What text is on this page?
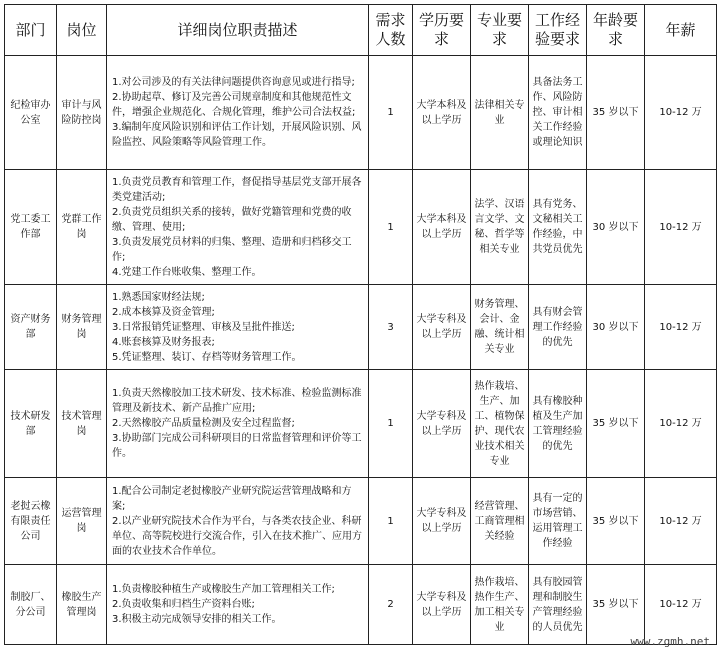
部门	岗位	详细岗位职责描述	需求人数	学历要求	专业要求	工作经验要求	年龄要求	年薪
纪检审办公室	审计与风险防控岗	1.对公司涉及的有关法律问题提供咨询意见或进行指导;
2.协助起草、修订及完善公司规章制度和其他规范性文件，增强企业规范化、合规化管理，维护公司合法权益;
3.编制年度风险识别和评估工作计划，开展风险识别、风险监控、风险策略等风险管理工作。	1	大学本科及以上学历	法律相关专业	具备法务工作、风险防控、审计相关工作经验或理论知识	35 岁以下	10-12 万
党工委工作部	党群工作岗	1.负责党员教育和管理工作，督促指导基层党支部开展各类党建活动;
2.负责党员组织关系的接转，做好党籍管理和党费的收缴、管理、使用;
3.负责发展党员材料的归集、整理、造册和归档移交工作;
4.党建工作台账收集、整理工作。	1	大学本科及以上学历	法学、汉语言文学、文秘、哲学等相关专业	具有党务、文秘相关工作经验，中共党员优先	30 岁以下	10-12 万
资产财务部	财务管理岗	1.熟悉国家财经法规;
2.成本核算及资金管理;
3.日常报销凭证整理、审核及呈批件推送;
4.账套核算及财务报表;
5.凭证整理、装订、存档等财务管理工作。	3	大学专科及以上学历	财务管理、会计、金融、统计相关专业	具有财会管理工作经验的优先	30 岁以下	10-12 万
技术研发部	技术管理岗	1.负责天然橡胶加工技术研发、技术标准、检验监测标准管理及新技术、新产品推广应用;
2.天然橡胶产品质量检测及安全过程监督;
3.协助部门完成公司科研项目的日常监督管理和评价等工作。	1	大学专科及以上学历	热作栽培、生产、加工、植物保护、现代农业技术相关专业	具有橡胶种植及生产加工管理经验的优先	35 岁以下	10-12 万
老挝云橡有限责任公司	运营管理岗	1.配合公司制定老挝橡胶产业研究院运营管理战略和方案;
2.以产业研究院技术合作为平台，与各类农技企业、科研单位、高等院校进行交流合作，引入在技术推广、应用方面的农业技术合作单位。	1	大学专科及以上学历	经营管理、工商管理相关经验	具有一定的市场营销、运用管理工作经验	35 岁以下	10-12 万
制胶厂、分公司	橡胶生产管理岗	1.负责橡胶种植生产或橡胶生产加工管理相关工作;
2.负责收集和归档生产资料台账;
3.积极主动完成领导安排的相关工作。	2	大学专科及以上学历	热作栽培、热作生产、加工相关专业	具有胶园管理和制胶生产管理经验的人员优先	35 岁以下	10-12 万
www.zgmh.net
